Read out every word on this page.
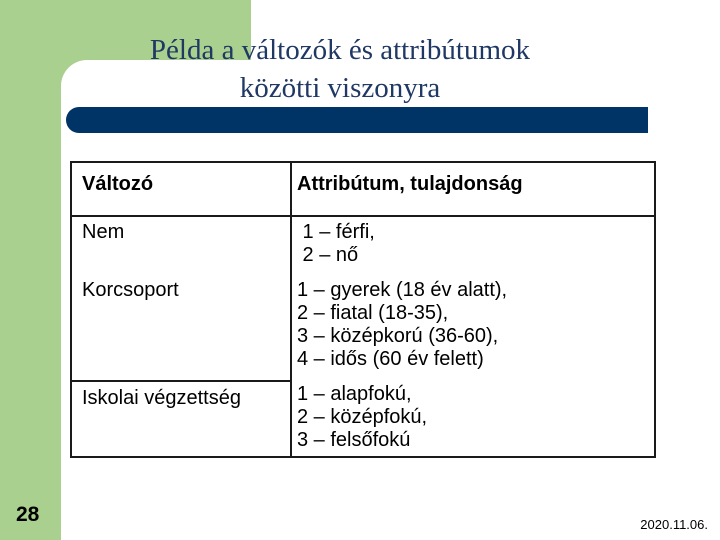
Példa a változók és attribútumok
közötti viszonyra
Változó	Attribútum, tulajdonság
Nem	1 – férfi,
2 – nő
Korcsoport	1 – gyerek (18 év alatt),
2 – fiatal (18-35),
3 – középkorú (36-60),
4 – idős (60 év felett)
Iskolai végzettség	1 – alapfokú,
2 – középfokú,
3 – felsőfokú
28	2020.11.06.
